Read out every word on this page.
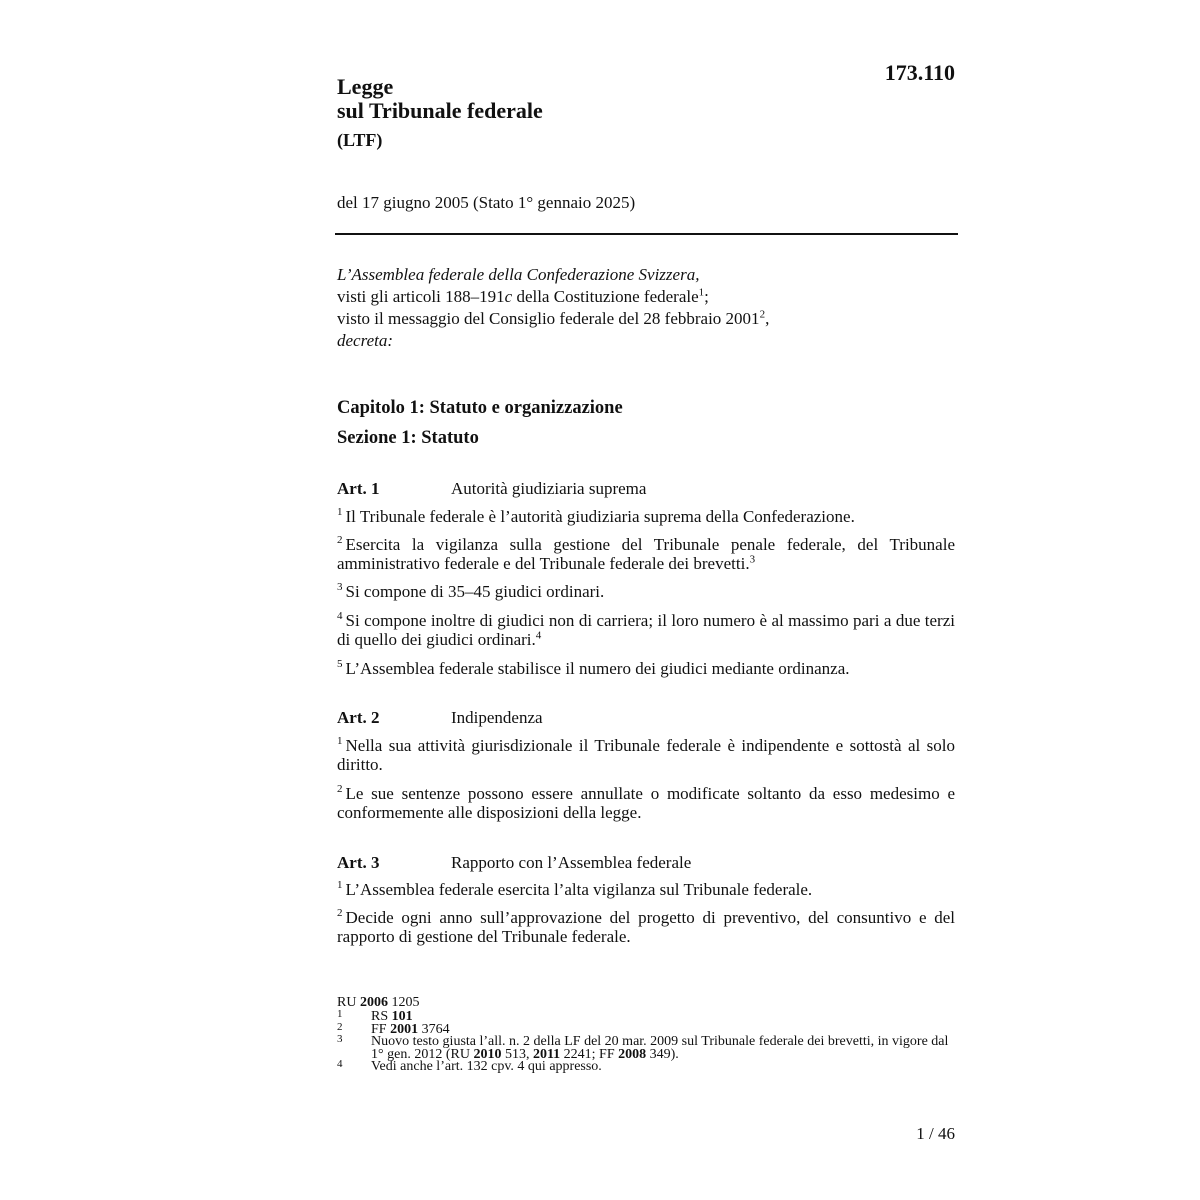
173.110
Legge
sul Tribunale federale
(LTF)
del 17 giugno 2005 (Stato 1° gennaio 2025)
L’Assemblea federale della Confederazione Svizzera,
visti gli articoli 188–191c della Costituzione federale$^1$;
visto il messaggio del Consiglio federale del 28 febbraio 2001$^2$,
decreta:
Capitolo 1: Statuto e organizzazione
Sezione 1: Statuto
Art. 1	Autorità giudiziaria suprema
$^1$ Il Tribunale federale è l’autorità giudiziaria suprema della Confederazione.
$^2$ Esercita la vigilanza sulla gestione del Tribunale penale federale, del Tribunale amministrativo federale e del Tribunale federale dei brevetti.$^3$
$^3$ Si compone di 35–45 giudici ordinari.
$^4$ Si compone inoltre di giudici non di carriera; il loro numero è al massimo pari a due terzi di quello dei giudici ordinari.$^4$
$^5$ L’Assemblea federale stabilisce il numero dei giudici mediante ordinanza.
Art. 2	Indipendenza
$^1$ Nella sua attività giurisdizionale il Tribunale federale è indipendente e sottostà al solo diritto.
$^2$ Le sue sentenze possono essere annullate o modificate soltanto da esso medesimo e conformemente alle disposizioni della legge.
Art. 3	Rapporto con l’Assemblea federale
$^1$ L’Assemblea federale esercita l’alta vigilanza sul Tribunale federale.
$^2$ Decide ogni anno sull’approvazione del progetto di preventivo, del consuntivo e del rapporto di gestione del Tribunale federale.
RU 2006 1205
1 RS 101
2 FF 2001 3764
3 Nuovo testo giusta l’all. n. 2 della LF del 20 mar. 2009 sul Tribunale federale dei brevetti, in vigore dal 1° gen. 2012 (RU 2010 513, 2011 2241; FF 2008 349).
4 Vedi anche l’art. 132 cpv. 4 qui appresso.
1 / 46
